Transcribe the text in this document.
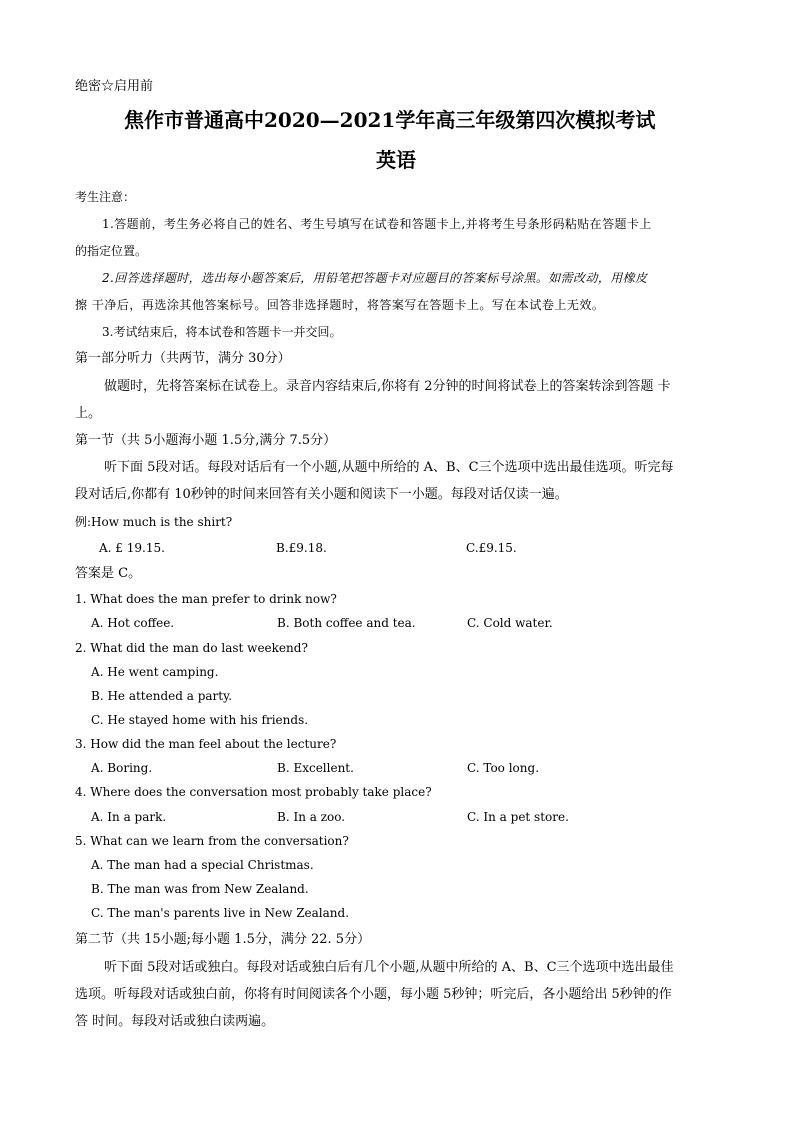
绝密☆启用前
焦作市普通高中2020—2021学年高三年级第四次模拟考试
英语
考生注意：
1.答题前，考生务必将自己的姓名、考生号填写在试卷和答题卡上,并将考生号条形码粘贴在答题卡上
的指定位置。
2.回答选择题时，选出每小题答案后，用铅笔把答题卡对应题目的答案标号涂黑。如需改动，用橡皮
擦 干净后，再选涂其他答案标号。回答非选择题时，将答案写在答题卡上。写在本试卷上无效。
3.考试结束后，将本试卷和答题卡一并交回。
第一部分听力（共两节，满分 30分）
做题时，先将答案标在试卷上。录音内容结束后,你将有 2分钟的时间将试卷上的答案转涂到答题 卡
上。
第一节（共 5小题海小题 1.5分,满分 7.5分）
听下面 5段对话。每段对话后有一个小题,从题中所给的 A、B、C三个选项中选出最佳选项。听完每
段对话后,你都有 10秒钟的时间来回答有关小题和阅读下一小题。每段对话仅读一遍。
例:How much is the shirt?
A. £ 19.15.	B.£9.18.	C.£9.15.
答案是 C。
1. What does the man prefer to drink now?
A. Hot coffee.	B. Both coffee and tea.	C. Cold water.
2. What did the man do last weekend?
A. He went camping.
B. He attended a party.
C. He stayed home with his friends.
3. How did the man feel about the lecture?
A. Boring.	B. Excellent.	C. Too long.
4. Where does the conversation most probably take place?
A. In a park.	B. In a zoo.	C. In a pet store.
5. What can we learn from the conversation?
A. The man had a special Christmas.
B. The man was from New Zealand.
C. The man's parents live in New Zealand.
第二节（共 15小题;每小题 1.5分，满分 22. 5分）
听下面 5段对话或独白。每段对话或独白后有几个小题,从题中所给的 A、B、C三个选项中选出最佳
选项。听每段对话或独白前，你将有时间阅读各个小题，每小题 5秒钟；听完后，各小题给出 5秒钟的作
答 时间。每段对话或独白读两遍。
